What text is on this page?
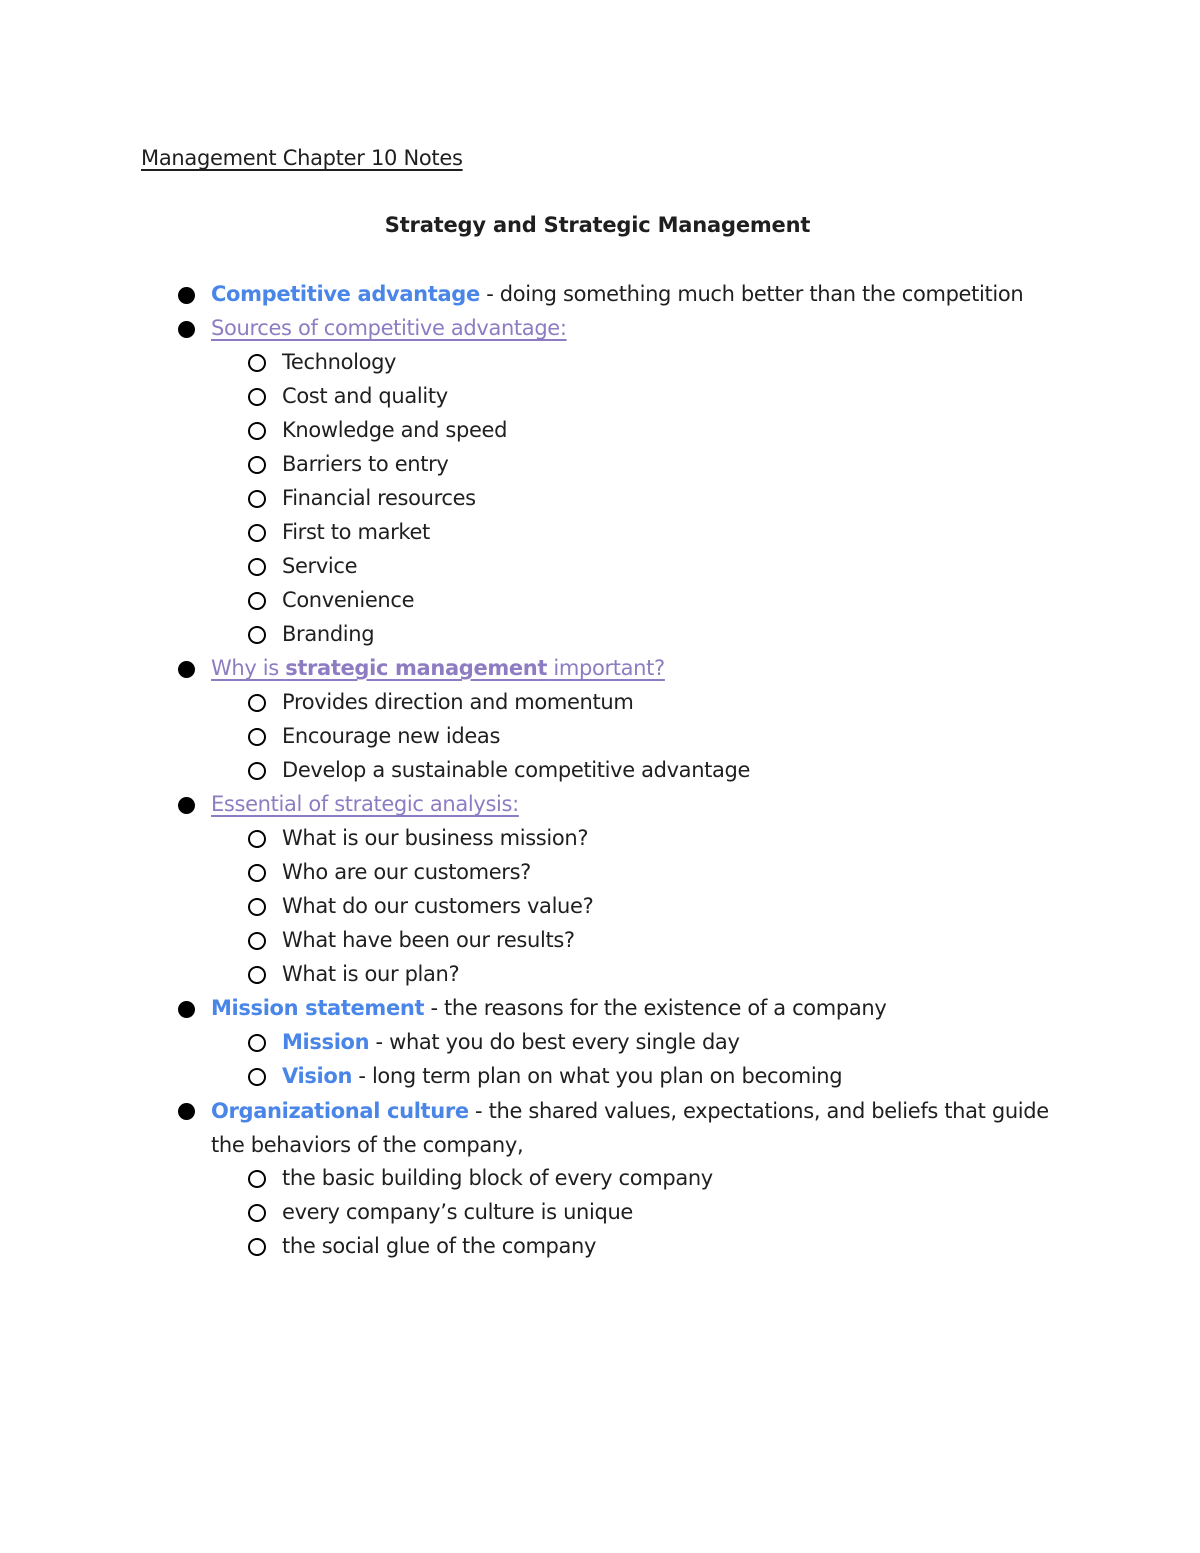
Management Chapter 10 Notes
Strategy and Strategic Management
Competitive advantage - doing something much better than the competition
Sources of competitive advantage:
Technology
Cost and quality
Knowledge and speed
Barriers to entry
Financial resources
First to market
Service
Convenience
Branding
Why is strategic management important?
Provides direction and momentum
Encourage new ideas
Develop a sustainable competitive advantage
Essential of strategic analysis:
What is our business mission?
Who are our customers?
What do our customers value?
What have been our results?
What is our plan?
Mission statement - the reasons for the existence of a company
Mission - what you do best every single day
Vision - long term plan on what you plan on becoming
Organizational culture - the shared values, expectations, and beliefs that guide the behaviors of the company,
the basic building block of every company
every company’s culture is unique
the social glue of the company
